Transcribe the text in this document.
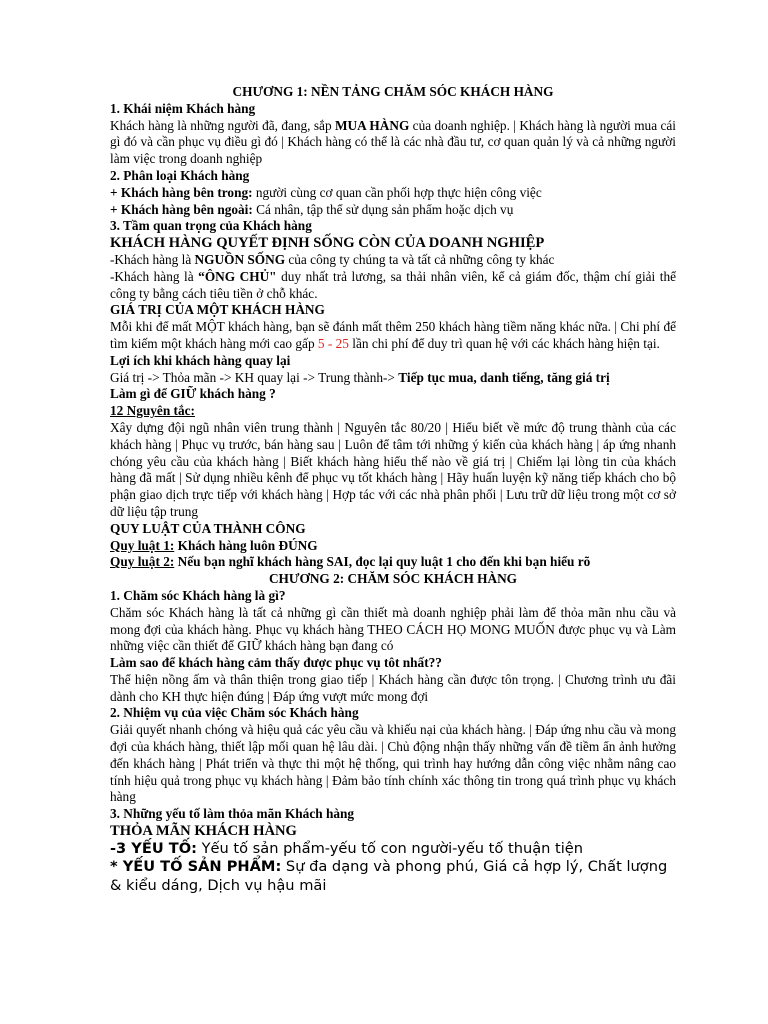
CHƯƠNG 1: NỀN TẢNG CHĂM SÓC KHÁCH HÀNG

1. Khái niệm Khách hàng

Khách hàng là những người đã, đang, sắp MUA HÀNG của doanh nghiệp. | Khách hàng là người mua cái gì đó và cần phục vụ điều gì đó | Khách hàng có thể là các nhà đầu tư, cơ quan quản lý và cả những người làm việc trong doanh nghiệp

2. Phân loại Khách hàng

+ Khách hàng bên trong: người cùng cơ quan cần phối hợp thực hiện công việc

+ Khách hàng bên ngoài: Cá nhân, tập thể sử dụng sản phẩm hoặc dịch vụ

3. Tầm quan trọng của Khách hàng

KHÁCH HÀNG QUYẾT ĐỊNH SỐNG CÒN CỦA DOANH NGHIỆP

-Khách hàng là NGUỒN SỐNG của công ty chúng ta và tất cả những công ty khác

-Khách hàng là “ÔNG CHỦ" duy nhất trả lương, sa thải nhân viên, kể cả giám đốc, thậm chí giải thể công ty bằng cách tiêu tiền ở chỗ khác.

GIÁ TRỊ CỦA MỘT KHÁCH HÀNG

Mỗi khi để mất MỘT khách hàng, bạn sẽ đánh mất thêm 250 khách hàng tiềm năng khác nữa. | Chi phí để tìm kiếm một khách hàng mới cao gấp 5 - 25 lần chi phí để duy trì quan hệ với các khách hàng hiện tại.

Lợi ích khi khách hàng quay lại

Giá trị -> Thỏa mãn -> KH quay lại -> Trung thành-> Tiếp tục mua, danh tiếng, tăng giá trị

Làm gì để GIỮ khách hàng ?

12 Nguyên tắc:

Xây dựng đội ngũ nhân viên trung thành | Nguyên tắc 80/20 | Hiểu biết về mức độ trung thành của các khách hàng | Phục vụ trước, bán hàng sau | Luôn để tâm tới những ý kiến của khách hàng | áp ứng nhanh chóng yêu cầu của khách hàng | Biết khách hàng hiểu thế nào về giá trị | Chiếm lại lòng tin của khách hàng đã mất | Sử dụng nhiều kênh để phục vụ tốt khách hàng | Hãy huấn luyện kỹ năng tiếp khách cho bộ phận giao dịch trực tiếp với khách hàng | Hợp tác với các nhà phân phối | Lưu trữ dữ liệu trong một cơ sở dữ liệu tập trung

QUY LUẬT CỦA THÀNH CÔNG

Quy luật 1: Khách hàng luôn ĐÚNG

Quy luật 2: Nếu bạn nghĩ khách hàng SAI, đọc lại quy luật 1 cho đến khi bạn hiểu rõ

CHƯƠNG 2: CHĂM SÓC KHÁCH HÀNG

1. Chăm sóc Khách hàng là gì?

Chăm sóc Khách hàng là tất cả những gì cần thiết mà doanh nghiệp phải làm để thỏa mãn nhu cầu và mong đợi của khách hàng. Phục vụ khách hàng THEO CÁCH HỌ MONG MUỐN được phục vụ và Làm những việc cần thiết để GIỮ khách hàng bạn đang có

Làm sao để khách hàng cảm thấy được phục vụ tôt nhất??

Thể hiện nồng ấm và thân thiện trong giao tiếp | Khách hàng cần được tôn trọng. | Chương trình ưu đãi dành cho KH thực hiện đúng | Đáp ứng vượt mức mong đợi

2. Nhiệm vụ của việc Chăm sóc Khách hàng

Giải quyết nhanh chóng và hiệu quả các yêu cầu và khiếu nại của khách hàng. | Đáp ứng nhu cầu và mong đợi của khách hàng, thiết lập mối quan hệ lâu dài. | Chủ động nhận thấy những vấn đề tiềm ẩn ảnh hưởng đến khách hàng | Phát triển và thực thi một hệ thống, qui trình hay hướng dẫn công việc nhằm nâng cao tính hiệu quả trong phục vụ khách hàng | Đảm bảo tính chính xác thông tin trong quá trình phục vụ khách hàng

3. Những yếu tố làm thỏa mãn Khách hàng

THỎA MÃN KHÁCH HÀNG

-3 YẾU TỐ: Yếu tố sản phẩm-yếu tố con người-yếu tố thuận tiện

* YẾU TỐ SẢN PHẨM: Sự đa dạng và phong phú, Giá cả hợp lý, Chất lượng & kiểu dáng, Dịch vụ hậu mãi
